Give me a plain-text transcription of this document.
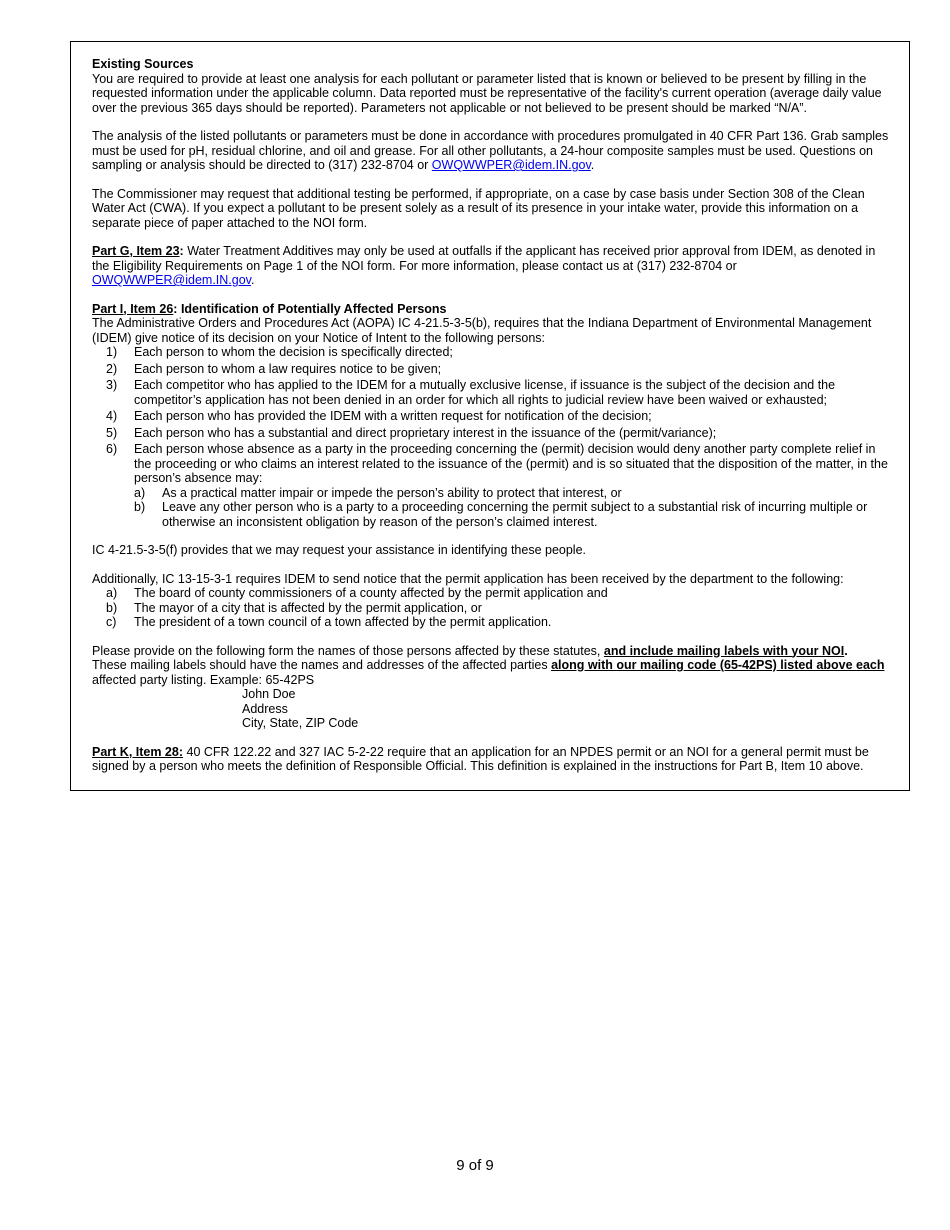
Existing Sources

You are required to provide at least one analysis for each pollutant or parameter listed that is known or believed to be present by filling in the requested information under the applicable column. Data reported must be representative of the facility's current operation (average daily value over the previous 365 days should be reported). Parameters not applicable or not believed to be present should be marked “N/A”.

The analysis of the listed pollutants or parameters must be done in accordance with procedures promulgated in 40 CFR Part 136. Grab samples must be used for pH, residual chlorine, and oil and grease. For all other pollutants, a 24-hour composite samples must be used. Questions on sampling or analysis should be directed to (317) 232-8704 or OWQWWPER@idem.IN.gov.

The Commissioner may request that additional testing be performed, if appropriate, on a case by case basis under Section 308 of the Clean Water Act (CWA). If you expect a pollutant to be present solely as a result of its presence in your intake water, provide this information on a separate piece of paper attached to the NOI form.

Part G, Item 23: Water Treatment Additives may only be used at outfalls if the applicant has received prior approval from IDEM, as denoted in the Eligibility Requirements on Page 1 of the NOI form. For more information, please contact us at (317) 232-8704 or OWQWWPER@idem.IN.gov.

Part I, Item 26: Identification of Potentially Affected Persons

The Administrative Orders and Procedures Act (AOPA) IC 4-21.5-3-5(b), requires that the Indiana Department of Environmental Management (IDEM) give notice of its decision on your Notice of Intent to the following persons:

1)	Each person to whom the decision is specifically directed;
2)	Each person to whom a law requires notice to be given;
3)	Each competitor who has applied to the IDEM for a mutually exclusive license, if issuance is the subject of the decision and the competitor’s application has not been denied in an order for which all rights to judicial review have been waived or exhausted;
4)	Each person who has provided the IDEM with a written request for notification of the decision;
5)	Each person who has a substantial and direct proprietary interest in the issuance of the (permit/variance);
6)	Each person whose absence as a party in the proceeding concerning the (permit) decision would deny another party complete relief in the proceeding or who claims an interest related to the issuance of the (permit) and is so situated that the disposition of the matter, in the person’s absence may:
a)	As a practical matter impair or impede the person’s ability to protect that interest, or
b)	Leave any other person who is a party to a proceeding concerning the permit subject to a substantial risk of incurring multiple or otherwise an inconsistent obligation by reason of the person’s claimed interest.

IC 4-21.5-3-5(f) provides that we may request your assistance in identifying these people.

Additionally, IC 13-15-3-1 requires IDEM to send notice that the permit application has been received by the department to the following:

a)	The board of county commissioners of a county affected by the permit application and
b)	The mayor of a city that is affected by the permit application, or
c)	The president of a town council of a town affected by the permit application.

Please provide on the following form the names of those persons affected by these statutes, and include mailing labels with your NOI.
These mailing labels should have the names and addresses of the affected parties along with our mailing code (65-42PS) listed above each
affected party listing. Example: 65-42PS

John Doe

Address

City, State, ZIP Code

Part K, Item 28: 40 CFR 122.22 and 327 IAC 5-2-22 require that an application for an NPDES permit or an NOI for a general permit must be signed by a person who meets the definition of Responsible Official. This definition is explained in the instructions for Part B, Item 10 above.

9 of 9
